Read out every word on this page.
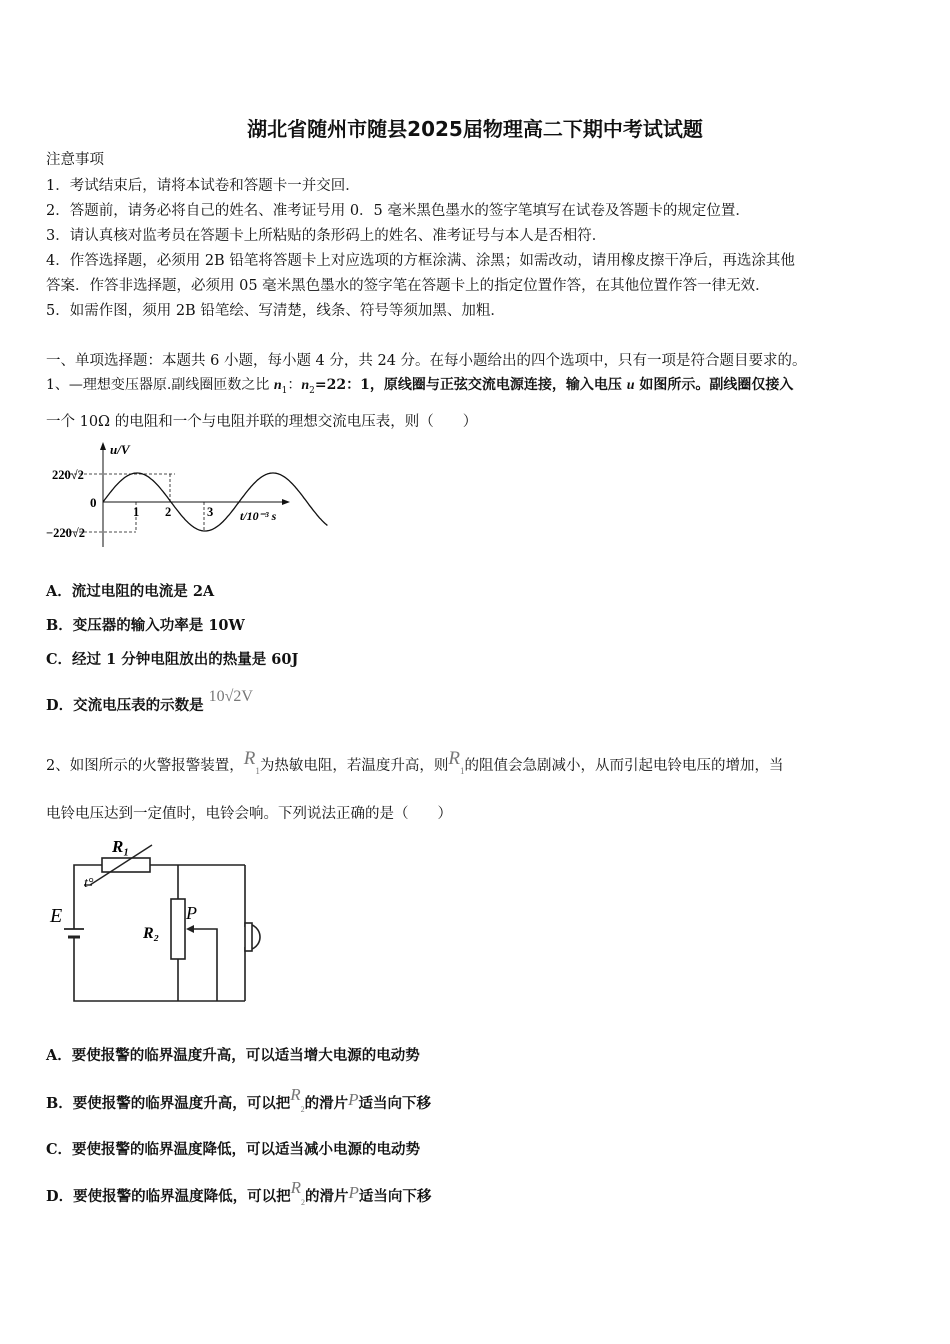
湖北省随州市随县2025届物理高二下期中考试试题
注意事项
1．考试结束后，请将本试卷和答题卡一并交回．
2．答题前，请务必将自己的姓名、准考证号用 0．5 毫米黑色墨水的签字笔填写在试卷及答题卡的规定位置．
3．请认真核对监考员在答题卡上所粘贴的条形码上的姓名、准考证号与本人是否相符．
4．作答选择题，必须用 2B 铅笔将答题卡上对应选项的方框涂满、涂黑；如需改动，请用橡皮擦干净后，再选涂其他
答案．作答非选择题，必须用 05 毫米黑色墨水的签字笔在答题卡上的指定位置作答，在其他位置作答一律无效．
5．如需作图，须用 2B 铅笔绘、写清楚，线条、符号等须加黑、加粗．
一、单项选择题：本题共 6 小题，每小题 4 分，共 24 分。在每小题给出的四个选项中，只有一项是符合题目要求的。
1、—理想变压器原.副线圈匝数之比 $n_1$：$n_2=22$：1，原线圈与正弦交流电源连接，输入电压 u 如图所示。副线圈仅接入
一个 10Ω 的电阻和一个与电阻并联的理想交流电压表，则（　　）
u/V
220√2
−220√2
0
1 2	3 t/10⁻³ s
A．流过电阻的电流是 2A
B．变压器的输入功率是 10W
C．经过 1 分钟电阻放出的热量是 60J
D．交流电压表的示数是 10√2V
2、如图所示的火警报警装置，$R_1$为热敏电阻，若温度升高，则$R_1$的阻值会急剧减小，从而引起电铃电压的增加，当
电铃电压达到一定值时，电铃会响。下列说法正确的是（　　）
R₁
t°
E
R₂
P
A．要使报警的临界温度升高，可以适当增大电源的电动势
B．要使报警的临界温度升高，可以把$R_2$的滑片P适当向下移
C．要使报警的临界温度降低，可以适当减小电源的电动势
D．要使报警的临界温度降低，可以把$R_2$的滑片P适当向下移
